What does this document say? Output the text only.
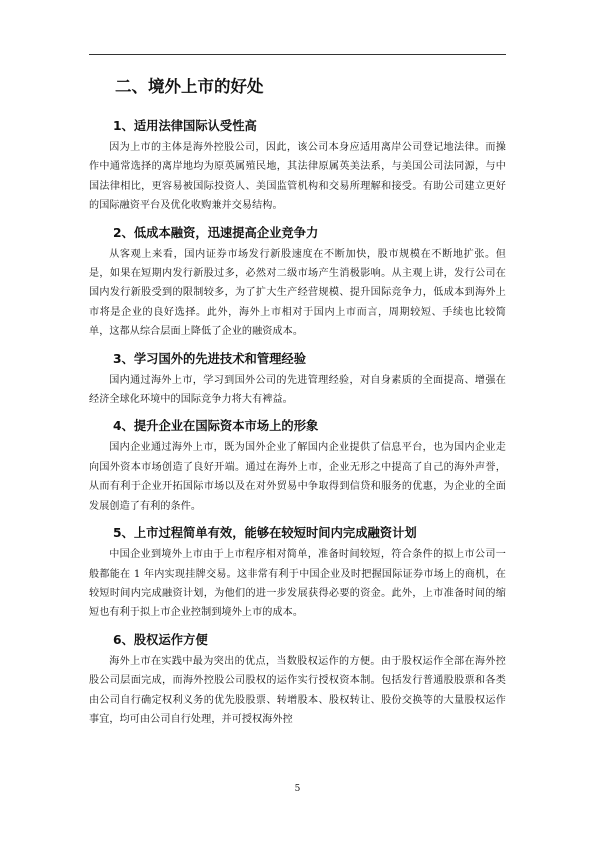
二、境外上市的好处
1、适用法律国际认受性高

因为上市的主体是海外控股公司，因此，该公司本身应适用离岸公司登记地法律。而操作中通常选择的离岸地均为原英属殖民地，其法律原属英美法系，与美国公司法同源，与中国法律相比，更容易被国际投资人、美国监管机构和交易所理解和接受。有助公司建立更好的国际融资平台及优化收购兼并交易结构。

2、低成本融资，迅速提高企业竞争力

从客观上来看，国内证券市场发行新股速度在不断加快，股市规模在不断地扩张。但是，如果在短期内发行新股过多，必然对二级市场产生消极影响。从主观上讲，发行公司在国内发行新股受到的限制较多，为了扩大生产经营规模、提升国际竞争力，低成本到海外上市将是企业的良好选择。此外，海外上市相对于国内上市而言，周期较短、手续也比较简单，这都从综合层面上降低了企业的融资成本。

3、学习国外的先进技术和管理经验

国内通过海外上市，学习到国外公司的先进管理经验，对自身素质的全面提高、增强在经济全球化环境中的国际竞争力将大有裨益。

4、提升企业在国际资本市场上的形象

国内企业通过海外上市，既为国外企业了解国内企业提供了信息平台，也为国内企业走向国外资本市场创造了良好开端。通过在海外上市，企业无形之中提高了自己的海外声誉，从而有利于企业开拓国际市场以及在对外贸易中争取得到信贷和服务的优惠，为企业的全面发展创造了有利的条件。

5、上市过程简单有效，能够在较短时间内完成融资计划

中国企业到境外上市由于上市程序相对简单，准备时间较短，符合条件的拟上市公司一般都能在 1 年内实现挂牌交易。这非常有利于中国企业及时把握国际证券市场上的商机，在较短时间内完成融资计划，为他们的进一步发展获得必要的资金。此外，上市准备时间的缩短也有利于拟上市企业控制到境外上市的成本。

6、股权运作方便

海外上市在实践中最为突出的优点，当数股权运作的方便。由于股权运作全部在海外控股公司层面完成，而海外控股公司股权的运作实行授权资本制。包括发行普通股股票和各类由公司自行确定权利义务的优先股股票、转增股本、股权转让、股份交换等的大量股权运作事宜，均可由公司自行处理，并可授权海外控

5
